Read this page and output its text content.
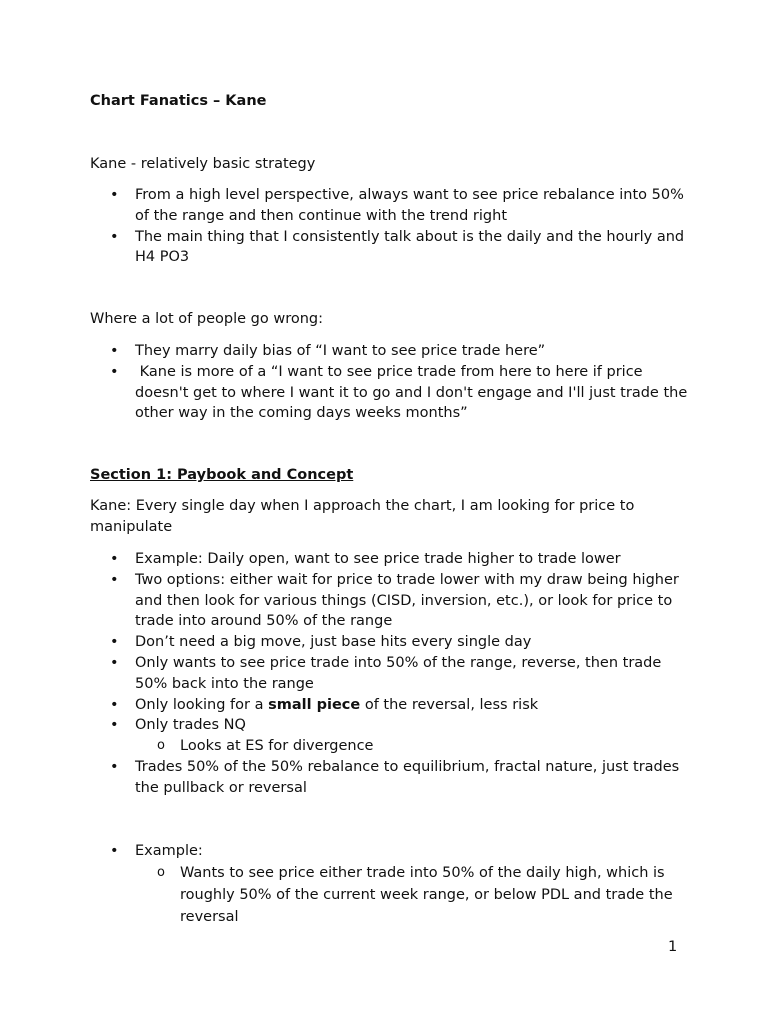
Chart Fanatics – Kane
Kane - relatively basic strategy
• From a high level perspective, always want to see price rebalance into 50% of the range and then continue with the trend right
• The main thing that I consistently talk about is the daily and the hourly and H4 PO3
Where a lot of people go wrong:
• They marry daily bias of “I want to see price trade here”
• Kane is more of a “I want to see price trade from here to here if price doesn't get to where I want it to go and I don't engage and I'll just trade the other way in the coming days weeks months”
Section 1: Paybook and Concept
Kane: Every single day when I approach the chart, I am looking for price to manipulate
• Example: Daily open, want to see price trade higher to trade lower
• Two options: either wait for price to trade lower with my draw being higher and then look for various things (CISD, inversion, etc.), or look for price to trade into around 50% of the range
• Don’t need a big move, just base hits every single day
• Only wants to see price trade into 50% of the range, reverse, then trade 50% back into the range
• Only looking for a small piece of the reversal, less risk
• Only trades NQ
o Looks at ES for divergence
• Trades 50% of the 50% rebalance to equilibrium, fractal nature, just trades the pullback or reversal
• Example:
o Wants to see price either trade into 50% of the daily high, which is roughly 50% of the current week range, or below PDL and trade the reversal
1
